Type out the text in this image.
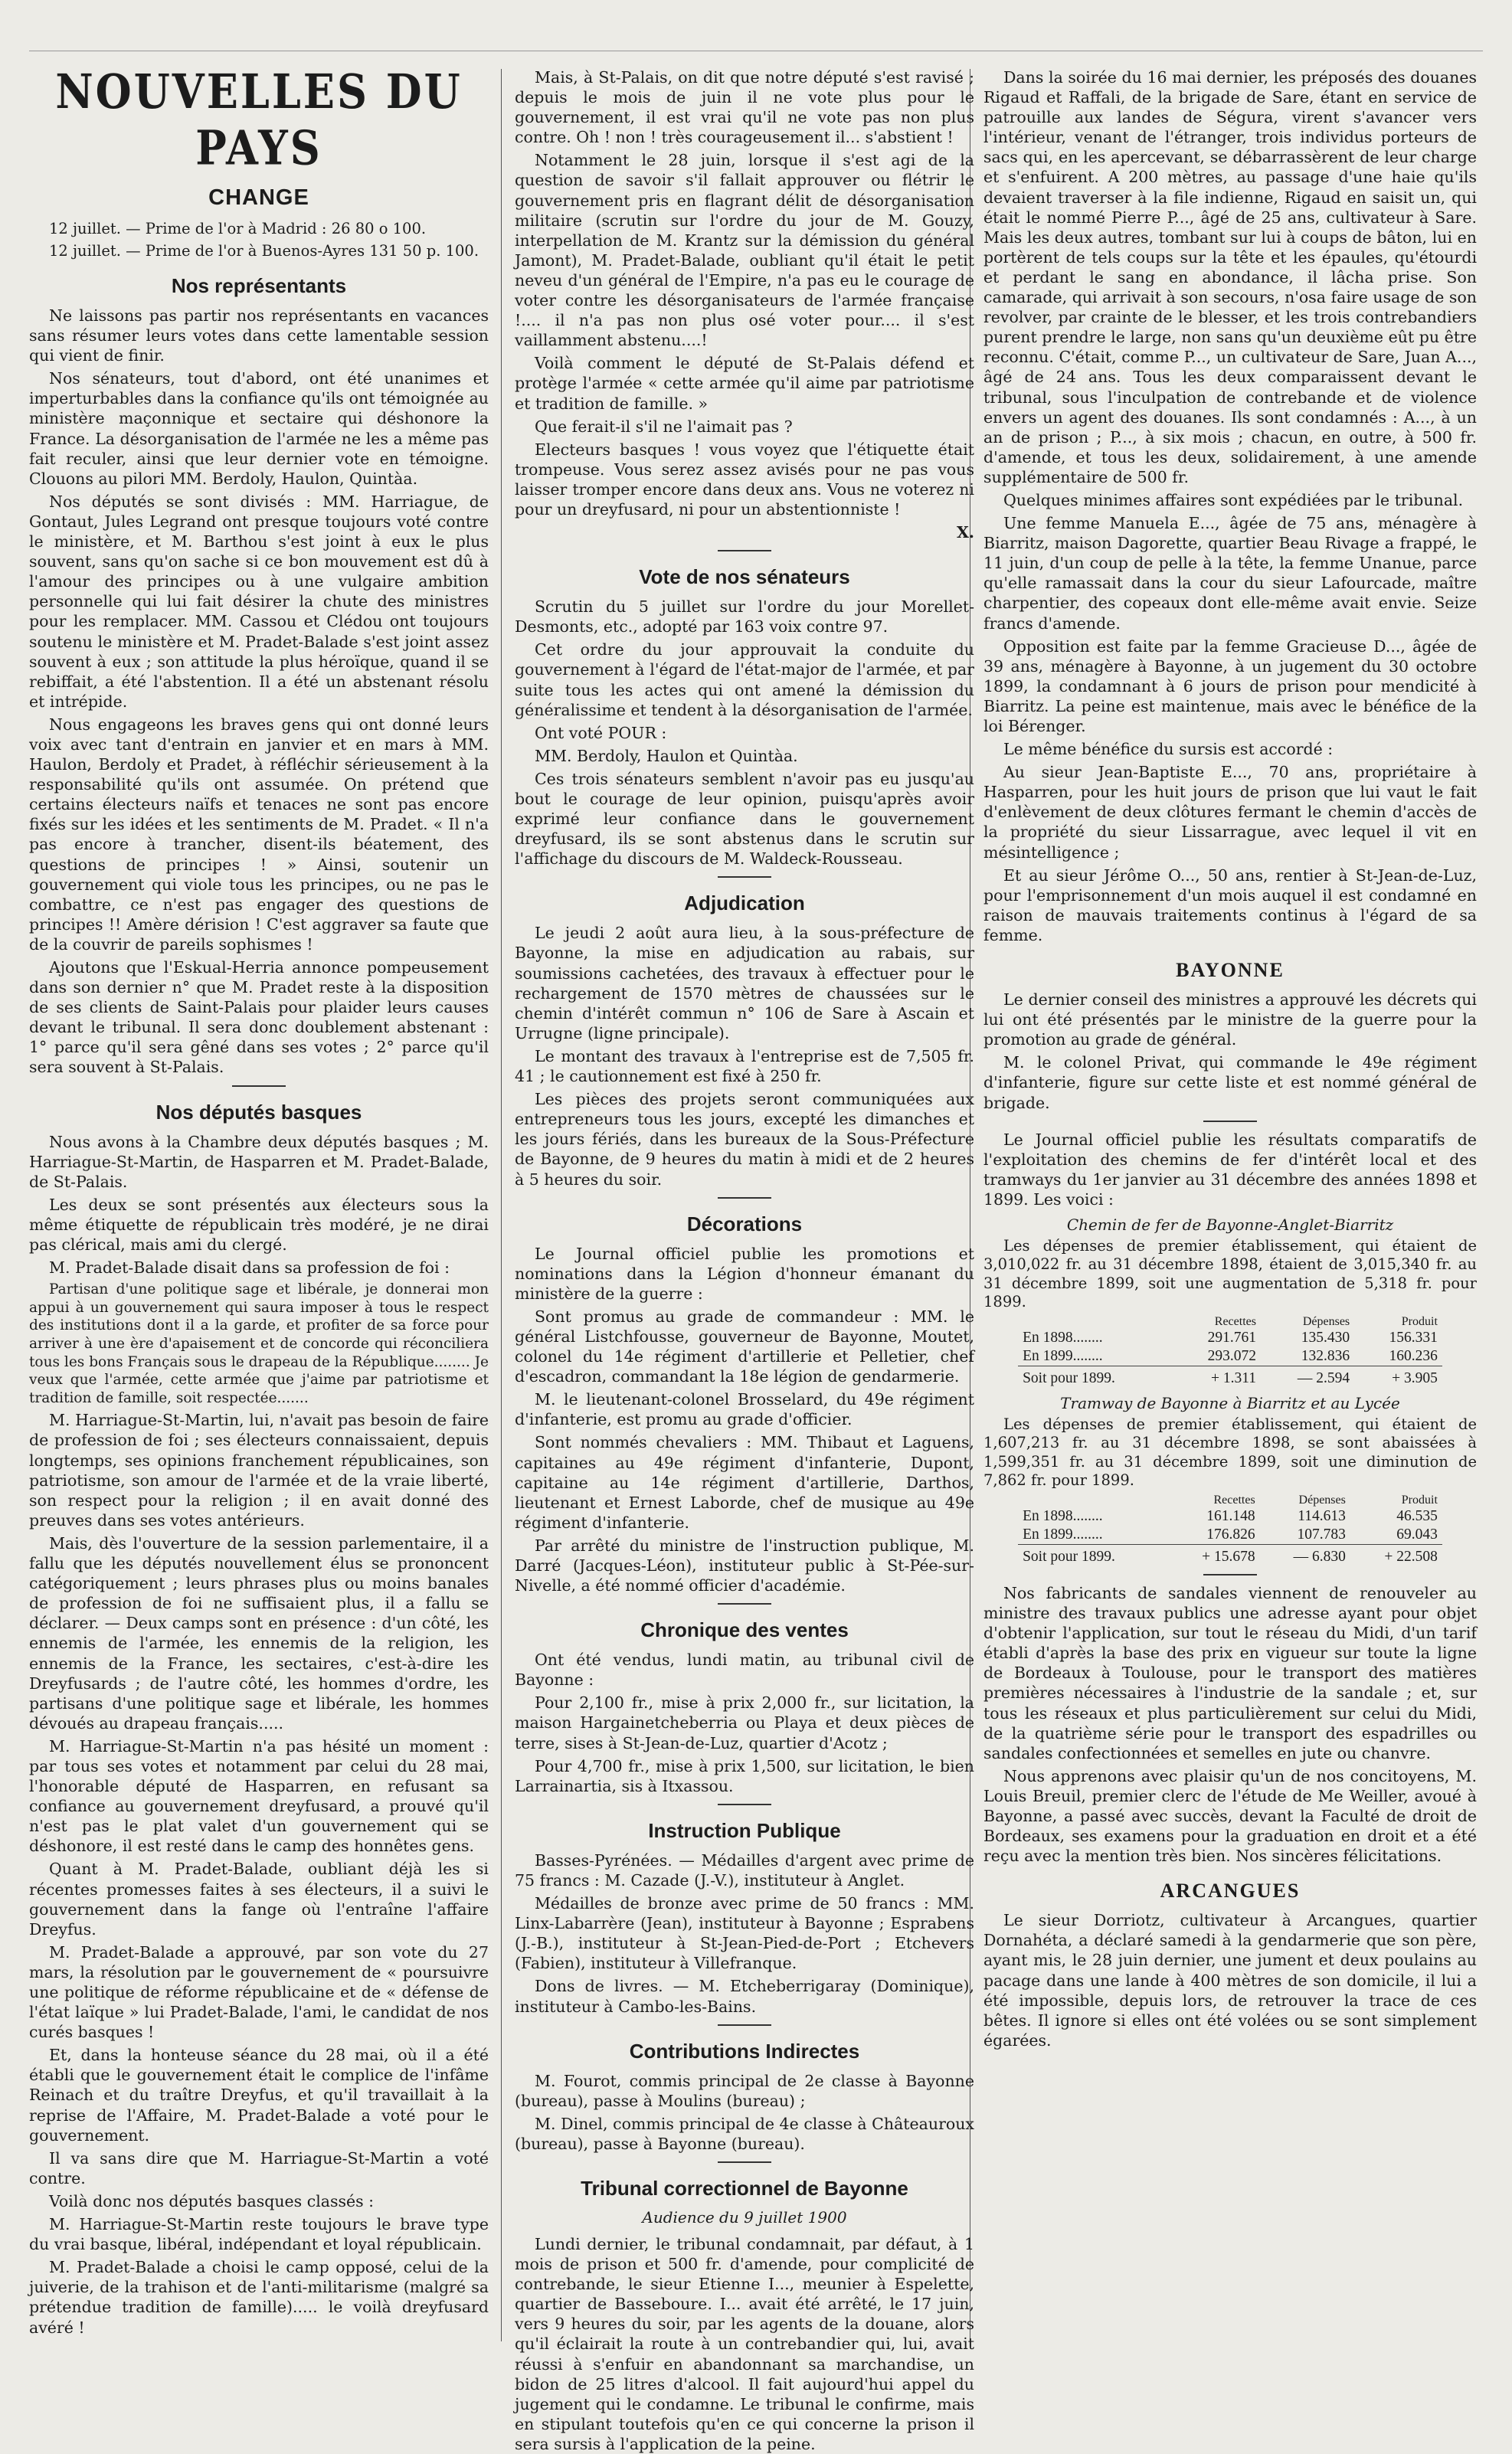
NOUVELLES DU PAYS
CHANGE

12 juillet. — Prime de l'or à Madrid : 26 80 o 100.

12 juillet. — Prime de l'or à Buenos-Ayres 131 50 p. 100.

Nos représentants

Ne laissons pas partir nos représentants en vacances sans résumer leurs votes dans cette lamentable session qui vient de finir.

Nos sénateurs, tout d'abord, ont été unanimes et imperturbables dans la confiance qu'ils ont témoignée au ministère maçonnique et sectaire qui déshonore la France. La désorganisation de l'armée ne les a même pas fait reculer, ainsi que leur dernier vote en témoigne. Clouons au pilori MM. Berdoly, Haulon, Quintàa.

Nos députés se sont divisés : MM. Harriague, de Gontaut, Jules Legrand ont presque toujours voté contre le ministère, et M. Barthou s'est joint à eux le plus souvent, sans qu'on sache si ce bon mouvement est dû à l'amour des principes ou à une vulgaire ambition personnelle qui lui fait désirer la chute des ministres pour les remplacer. MM. Cassou et Clédou ont toujours soutenu le ministère et M. Pradet-Balade s'est joint assez souvent à eux ; son attitude la plus héroïque, quand il se rebiffait, a été l'abstention. Il a été un abstenant résolu et intrépide.

Nous engageons les braves gens qui ont donné leurs voix avec tant d'entrain en janvier et en mars à MM. Haulon, Berdoly et Pradet, à réfléchir sérieusement à la responsabilité qu'ils ont assumée. On prétend que certains électeurs naïfs et tenaces ne sont pas encore fixés sur les idées et les sentiments de M. Pradet. « Il n'a pas encore à trancher, disent-ils béatement, des questions de principes ! » Ainsi, soutenir un gouvernement qui viole tous les principes, ou ne pas le combattre, ce n'est pas engager des questions de principes !! Amère dérision ! C'est aggraver sa faute que de la couvrir de pareils sophismes !

Ajoutons que l'Eskual-Herria annonce pompeusement dans son dernier n° que M. Pradet reste à la disposition de ses clients de Saint-Palais pour plaider leurs causes devant le tribunal. Il sera donc doublement abstenant : 1° parce qu'il sera gêné dans ses votes ; 2° parce qu'il sera souvent à St-Palais.

Nos députés basques

Nous avons à la Chambre deux députés basques ; M. Harriague-St-Martin, de Hasparren et M. Pradet-Balade, de St-Palais.

Les deux se sont présentés aux électeurs sous la même étiquette de républicain très modéré, je ne dirai pas clérical, mais ami du clergé.

M. Pradet-Balade disait dans sa profession de foi :

Partisan d'une politique sage et libérale, je donnerai mon appui à un gouvernement qui saura imposer à tous le respect des institutions dont il a la garde, et profiter de sa force pour arriver à une ère d'apaisement et de concorde qui réconciliera tous les bons Français sous le drapeau de la République........ Je veux que l'armée, cette armée que j'aime par patriotisme et tradition de famille, soit respectée.......

M. Harriague-St-Martin, lui, n'avait pas besoin de faire de profession de foi ; ses électeurs connaissaient, depuis longtemps, ses opinions franchement républicaines, son patriotisme, son amour de l'armée et de la vraie liberté, son respect pour la religion ; il en avait donné des preuves dans ses votes antérieurs.

Mais, dès l'ouverture de la session parlementaire, il a fallu que les députés nouvellement élus se prononcent catégoriquement ; leurs phrases plus ou moins banales de profession de foi ne suffisaient plus, il a fallu se déclarer. — Deux camps sont en présence : d'un côté, les ennemis de l'armée, les ennemis de la religion, les ennemis de la France, les sectaires, c'est-à-dire les Dreyfusards ; de l'autre côté, les hommes d'ordre, les partisans d'une politique sage et libérale, les hommes dévoués au drapeau français.....

M. Harriague-St-Martin n'a pas hésité un moment : par tous ses votes et notamment par celui du 28 mai, l'honorable député de Hasparren, en refusant sa confiance au gouvernement dreyfusard, a prouvé qu'il n'est pas le plat valet d'un gouvernement qui se déshonore, il est resté dans le camp des honnêtes gens.

Quant à M. Pradet-Balade, oubliant déjà les si récentes promesses faites à ses électeurs, il a suivi le gouvernement dans la fange où l'entraîne l'affaire Dreyfus.

M. Pradet-Balade a approuvé, par son vote du 27 mars, la résolution par le gouvernement de « poursuivre une politique de réforme républicaine et de « défense de l'état laïque » lui Pradet-Balade, l'ami, le candidat de nos curés basques !

Et, dans la honteuse séance du 28 mai, où il a été établi que le gouvernement était le complice de l'infâme Reinach et du traître Dreyfus, et qu'il travaillait à la reprise de l'Affaire, M. Pradet-Balade a voté pour le gouvernement.

Il va sans dire que M. Harriague-St-Martin a voté contre.

Voilà donc nos députés basques classés :

M. Harriague-St-Martin reste toujours le brave type du vrai basque, libéral, indépendant et loyal républicain.

M. Pradet-Balade a choisi le camp opposé, celui de la juiverie, de la trahison et de l'anti-militarisme (malgré sa prétendue tradition de famille)..... le voilà dreyfusard avéré !

Mais, à St-Palais, on dit que notre député s'est ravisé ; depuis le mois de juin il ne vote plus pour le gouvernement, il est vrai qu'il ne vote pas non plus contre. Oh ! non ! très courageusement il... s'abstient !

Notamment le 28 juin, lorsque il s'est agi de la question de savoir s'il fallait approuver ou flétrir le gouvernement pris en flagrant délit de désorganisation militaire (scrutin sur l'ordre du jour de M. Gouzy, interpellation de M. Krantz sur la démission du général Jamont), M. Pradet-Balade, oubliant qu'il était le petit neveu d'un général de l'Empire, n'a pas eu le courage de voter contre les désorganisateurs de l'armée française !.... il n'a pas non plus osé voter pour.... il s'est vaillamment abstenu....!

Voilà comment le député de St-Palais défend et protège l'armée « cette armée qu'il aime par patriotisme et tradition de famille. »

Que ferait-il s'il ne l'aimait pas ?

Electeurs basques ! vous voyez que l'étiquette était trompeuse. Vous serez assez avisés pour ne pas vous laisser tromper encore dans deux ans. Vous ne voterez ni pour un dreyfusard, ni pour un abstentionniste !

X.

Vote de nos sénateurs

Scrutin du 5 juillet sur l'ordre du jour Morellet-Desmonts, etc., adopté par 163 voix contre 97.

Cet ordre du jour approuvait la conduite du gouvernement à l'égard de l'état-major de l'armée, et par suite tous les actes qui ont amené la démission du généralissime et tendent à la désorganisation de l'armée.

Ont voté POUR :

MM. Berdoly, Haulon et Quintàa.

Ces trois sénateurs semblent n'avoir pas eu jusqu'au bout le courage de leur opinion, puisqu'après avoir exprimé leur confiance dans le gouvernement dreyfusard, ils se sont abstenus dans le scrutin sur l'affichage du discours de M. Waldeck-Rousseau.

Adjudication

Le jeudi 2 août aura lieu, à la sous-préfecture de Bayonne, la mise en adjudication au rabais, sur soumissions cachetées, des travaux à effectuer pour le rechargement de 1570 mètres de chaussées sur le chemin d'intérêt commun n° 106 de Sare à Ascain et Urrugne (ligne principale).

Le montant des travaux à l'entreprise est de 7,505 fr. 41 ; le cautionnement est fixé à 250 fr.

Les pièces des projets seront communiquées aux entrepreneurs tous les jours, excepté les dimanches et les jours fériés, dans les bureaux de la Sous-Préfecture de Bayonne, de 9 heures du matin à midi et de 2 heures à 5 heures du soir.

Décorations

Le Journal officiel publie les promotions et nominations dans la Légion d'honneur émanant du ministère de la guerre :

Sont promus au grade de commandeur : MM. le général Listchfousse, gouverneur de Bayonne, Moutet, colonel du 14e régiment d'artillerie et Pelletier, chef d'escadron, commandant la 18e légion de gendarmerie.

M. le lieutenant-colonel Brosselard, du 49e régiment d'infanterie, est promu au grade d'officier.

Sont nommés chevaliers : MM. Thibaut et Laguens, capitaines au 49e régiment d'infanterie, Dupont, capitaine au 14e régiment d'artillerie, Darthos, lieutenant et Ernest Laborde, chef de musique au 49e régiment d'infanterie.

Par arrêté du ministre de l'instruction publique, M. Darré (Jacques-Léon), instituteur public à St-Pée-sur-Nivelle, a été nommé officier d'académie.

Chronique des ventes

Ont été vendus, lundi matin, au tribunal civil de Bayonne :

Pour 2,100 fr., mise à prix 2,000 fr., sur licitation, la maison Hargainetcheberria ou Playa et deux pièces de terre, sises à St-Jean-de-Luz, quartier d'Acotz ;

Pour 4,700 fr., mise à prix 1,500, sur licitation, le bien Larrainartia, sis à Itxassou.

Instruction Publique

Basses-Pyrénées. — Médailles d'argent avec prime de 75 francs : M. Cazade (J.-V.), instituteur à Anglet.

Médailles de bronze avec prime de 50 francs : MM. Linx-Labarrère (Jean), instituteur à Bayonne ; Esprabens (J.-B.), instituteur à St-Jean-Pied-de-Port ; Etchevers (Fabien), instituteur à Villefranque.

Dons de livres. — M. Etcheberrigaray (Dominique), instituteur à Cambo-les-Bains.

Contributions Indirectes

M. Fourot, commis principal de 2e classe à Bayonne (bureau), passe à Moulins (bureau) ;

M. Dinel, commis principal de 4e classe à Châteauroux (bureau), passe à Bayonne (bureau).

Tribunal correctionnel de Bayonne
Audience du 9 juillet 1900

Lundi dernier, le tribunal condamnait, par défaut, à 1 mois de prison et 500 fr. d'amende, pour complicité de contrebande, le sieur Etienne I..., meunier à Espelette, quartier de Basseboure. I... avait été arrêté, le 17 juin, vers 9 heures du soir, par les agents de la douane, alors qu'il éclairait la route à un contrebandier qui, lui, avait réussi à s'enfuir en abandonnant sa marchandise, un bidon de 25 litres d'alcool. Il fait aujourd'hui appel du jugement qui le condamne. Le tribunal le confirme, mais en stipulant toutefois qu'en ce qui concerne la prison il sera sursis à l'application de la peine.

Dans la soirée du 16 mai dernier, les préposés des douanes Rigaud et Raffali, de la brigade de Sare, étant en service de patrouille aux landes de Ségura, virent s'avancer vers l'intérieur, venant de l'étranger, trois individus porteurs de sacs qui, en les apercevant, se débarrassèrent de leur charge et s'enfuirent. A 200 mètres, au passage d'une haie qu'ils devaient traverser à la file indienne, Rigaud en saisit un, qui était le nommé Pierre P..., âgé de 25 ans, cultivateur à Sare. Mais les deux autres, tombant sur lui à coups de bâton, lui en portèrent de tels coups sur la tête et les épaules, qu'étourdi et perdant le sang en abondance, il lâcha prise. Son camarade, qui arrivait à son secours, n'osa faire usage de son revolver, par crainte de le blesser, et les trois contrebandiers purent prendre le large, non sans qu'un deuxième eût pu être reconnu. C'était, comme P..., un cultivateur de Sare, Juan A..., âgé de 24 ans. Tous les deux comparaissent devant le tribunal, sous l'inculpation de contrebande et de violence envers un agent des douanes. Ils sont condamnés : A..., à un an de prison ; P..., à six mois ; chacun, en outre, à 500 fr. d'amende, et tous les deux, solidairement, à une amende supplémentaire de 500 fr.

Quelques minimes affaires sont expédiées par le tribunal.

Une femme Manuela E..., âgée de 75 ans, ménagère à Biarritz, maison Dagorette, quartier Beau Rivage a frappé, le 11 juin, d'un coup de pelle à la tête, la femme Unanue, parce qu'elle ramassait dans la cour du sieur Lafourcade, maître charpentier, des copeaux dont elle-même avait envie. Seize francs d'amende.

Opposition est faite par la femme Gracieuse D..., âgée de 39 ans, ménagère à Bayonne, à un jugement du 30 octobre 1899, la condamnant à 6 jours de prison pour mendicité à Biarritz. La peine est maintenue, mais avec le bénéfice de la loi Bérenger.

Le même bénéfice du sursis est accordé :

Au sieur Jean-Baptiste E..., 70 ans, propriétaire à Hasparren, pour les huit jours de prison que lui vaut le fait d'enlèvement de deux clôtures fermant le chemin d'accès de la propriété du sieur Lissarrague, avec lequel il vit en mésintelligence ;

Et au sieur Jérôme O..., 50 ans, rentier à St-Jean-de-Luz, pour l'emprisonnement d'un mois auquel il est condamné en raison de mauvais traitements continus à l'égard de sa femme.

BAYONNE

Le dernier conseil des ministres a approuvé les décrets qui lui ont été présentés par le ministre de la guerre pour la promotion au grade de général.

M. le colonel Privat, qui commande le 49e régiment d'infanterie, figure sur cette liste et est nommé général de brigade.

Le Journal officiel publie les résultats comparatifs de l'exploitation des chemins de fer d'intérêt local et des tramways du 1er janvier au 31 décembre des années 1898 et 1899. Les voici :

Chemin de fer de Bayonne-Anglet-Biarritz

Les dépenses de premier établissement, qui étaient de 3,010,022 fr. au 31 décembre 1898, étaient de 3,015,340 fr. au 31 décembre 1899, soit une augmentation de 5,318 fr. pour 1899.

	Recettes	Dépenses	Produit
En 1898........	291.761	135.430	156.331
En 1899........	293.072	132.836	160.236
Soit pour 1899.	+ 1.311	— 2.594	+ 3.905
Tramway de Bayonne à Biarritz et au Lycée

Les dépenses de premier établissement, qui étaient de 1,607,213 fr. au 31 décembre 1898, se sont abaissées à 1,599,351 fr. au 31 décembre 1899, soit une diminution de 7,862 fr. pour 1899.

	Recettes	Dépenses	Produit
En 1898........	161.148	114.613	46.535
En 1899........	176.826	107.783	69.043
Soit pour 1899.	+ 15.678	— 6.830	+ 22.508

Nos fabricants de sandales viennent de renouveler au ministre des travaux publics une adresse ayant pour objet d'obtenir l'application, sur tout le réseau du Midi, d'un tarif établi d'après la base des prix en vigueur sur toute la ligne de Bordeaux à Toulouse, pour le transport des matières premières nécessaires à l'industrie de la sandale ; et, sur tous les réseaux et plus particulièrement sur celui du Midi, de la quatrième série pour le transport des espadrilles ou sandales confectionnées et semelles en jute ou chanvre.

Nous apprenons avec plaisir qu'un de nos concitoyens, M. Louis Breuil, premier clerc de l'étude de Me Weiller, avoué à Bayonne, a passé avec succès, devant la Faculté de droit de Bordeaux, ses examens pour la graduation en droit et a été reçu avec la mention très bien. Nos sincères félicitations.

ARCANGUES

Le sieur Dorriotz, cultivateur à Arcangues, quartier Dornahéta, a déclaré samedi à la gendarmerie que son père, ayant mis, le 28 juin dernier, une jument et deux poulains au pacage dans une lande à 400 mètres de son domicile, il lui a été impossible, depuis lors, de retrouver la trace de ces bêtes. Il ignore si elles ont été volées ou se sont simplement égarées.
